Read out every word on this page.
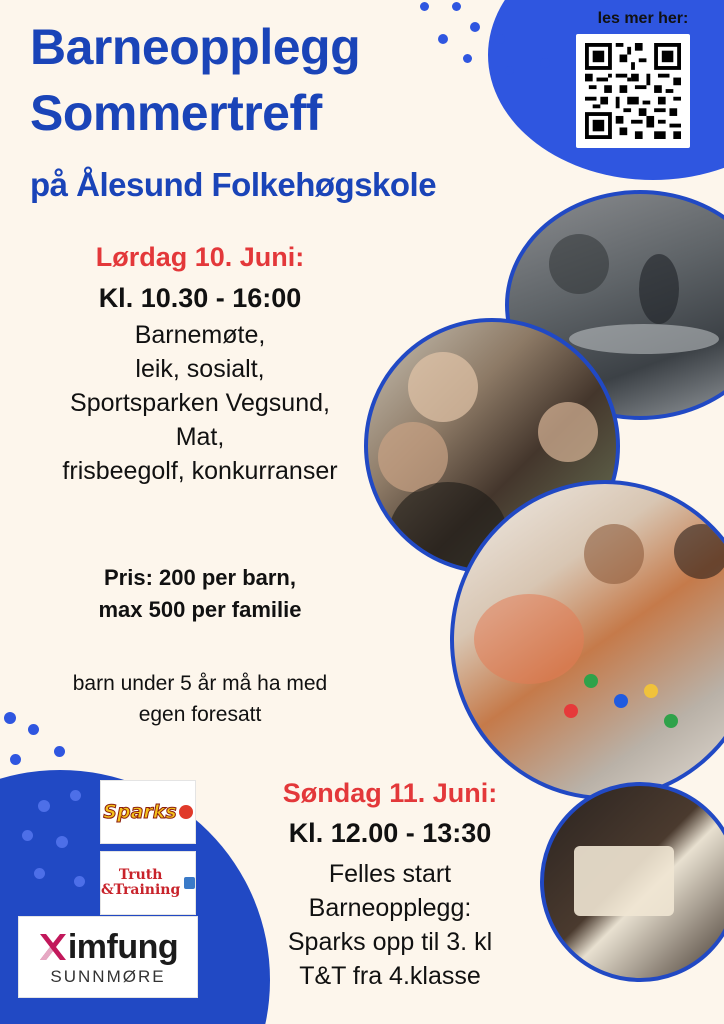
Barneopplegg
Sommertreff
på Ålesund Folkehøgskole
les mer her:
Lørdag 10. Juni:
Kl. 10.30 - 16:00
Barnemøte,
leik, sosialt,
Sportsparken Vegsund,
Mat,
frisbeegolf, konkurranser
Pris: 200 per barn,
max 500 per familie
barn under 5 år må ha med
egen foresatt
Søndag 11. Juni:
Kl. 12.00 - 13:30
Felles start
Barneopplegg:
Sparks opp til 3. kl
T&T fra 4.klasse
Sparks
Truth
&Training
imfung
SUNNMØRE
